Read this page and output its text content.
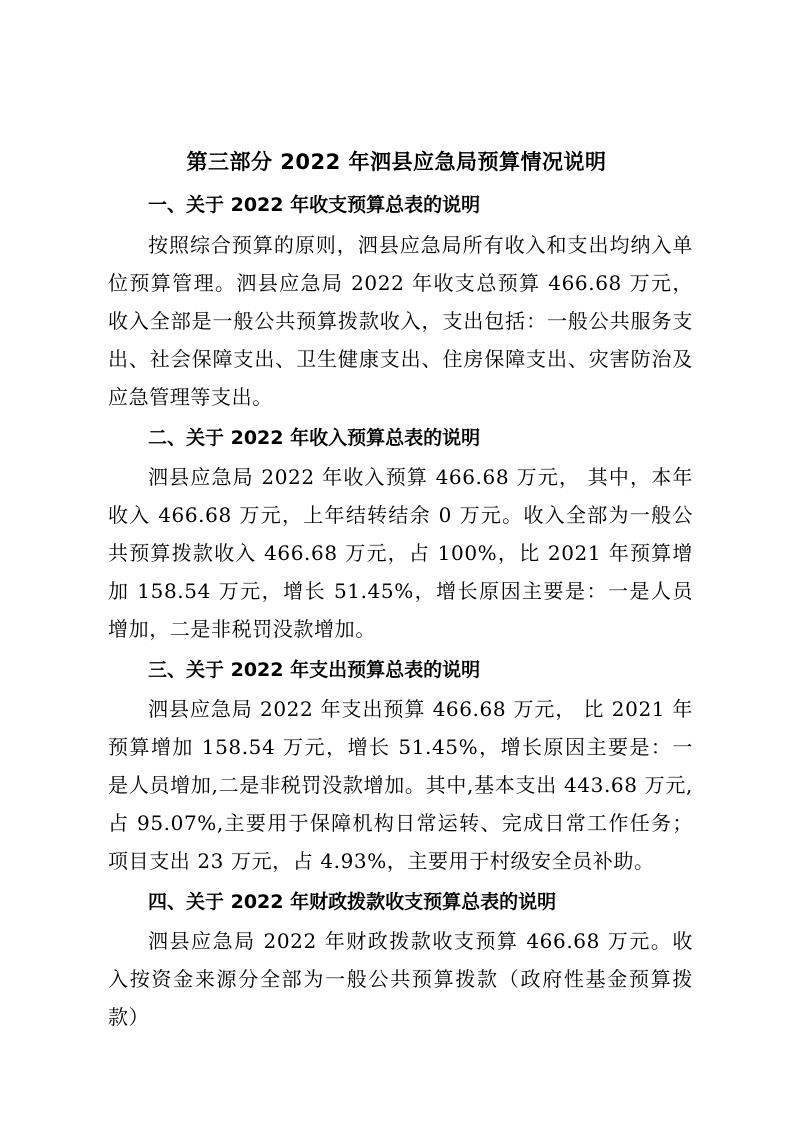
第三部分 2022 年泗县应急局预算情况说明
一、关于 2022 年收支预算总表的说明

按照综合预算的原则，泗县应急局所有收入和支出均纳入单位预算管理。泗县应急局 2022 年收支总预算 466.68 万元，收入全部是一般公共预算拨款收入，支出包括：一般公共服务支出、社会保障支出、卫生健康支出、住房保障支出、灾害防治及应急管理等支出。

二、关于 2022 年收入预算总表的说明

泗县应急局 2022 年收入预算 466.68 万元， 其中，本年收入 466.68 万元，上年结转结余 0 万元。收入全部为一般公共预算拨款收入 466.68 万元，占 100%，比 2021 年预算增加 158.54 万元，增长 51.45%，增长原因主要是：一是人员增加，二是非税罚没款增加。

三、关于 2022 年支出预算总表的说明

泗县应急局 2022 年支出预算 466.68 万元， 比 2021 年预算增加 158.54 万元，增长 51.45%，增长原因主要是：一是人员增加,二是非税罚没款增加。其中,基本支出 443.68 万元,占 95.07%,主要用于保障机构日常运转、完成日常工作任务；项目支出 23 万元，占 4.93%，主要用于村级安全员补助。

四、关于 2022 年财政拨款收支预算总表的说明

泗县应急局 2022 年财政拨款收支预算 466.68 万元。收入按资金来源分全部为一般公共预算拨款（政府性基金预算拨款）
